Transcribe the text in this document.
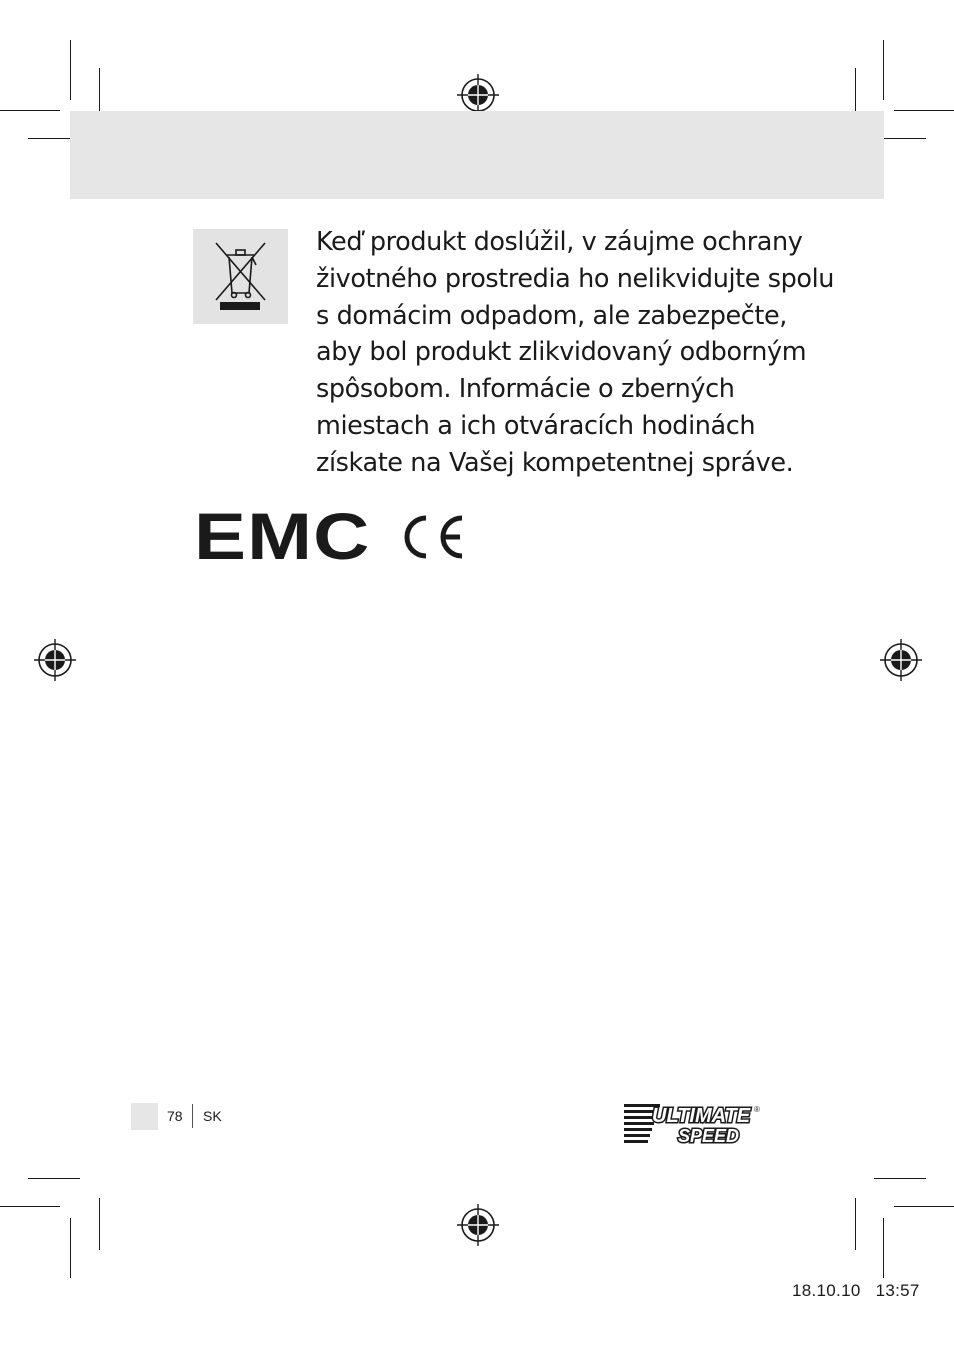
Keď produkt doslúžil, v záujme ochrany
životného prostredia ho nelikvidujte spolu
s domácim odpadom, ale zabezpečte,
aby bol produkt zlikvidovaný odborným
spôsobom. Informácie o zberných
miestach a ich otváracích hodinách
získate na Vašej kompetentnej správe.
EMC
78 SK	ULTIMATE
SPEED
®
18.10.10   13:57
